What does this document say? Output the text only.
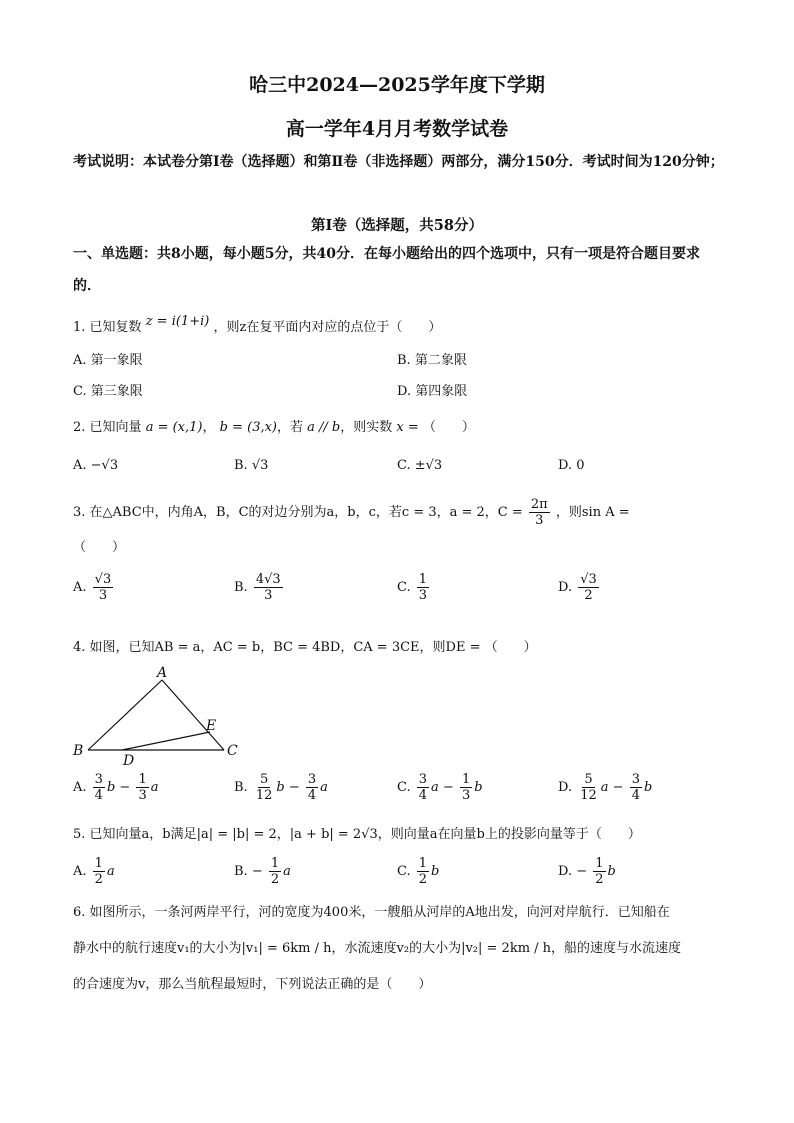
哈三中2024—2025学年度下学期
高一学年4月月考数学试卷
考试说明：本试卷分第Ⅰ卷（选择题）和第Ⅱ卷（非选择题）两部分，满分150分．考试时间为120分钟；
第Ⅰ卷（选择题，共58分）
一、单选题：共8小题，每小题5分，共40分．在每小题给出的四个选项中，只有一项是符合题目要求的．
1. 已知复数 z = i(1+i) ，则z在复平面内对应的点位于（　　）
A. 第一象限	B. 第二象限
C. 第三象限	D. 第四象限
2. 已知向量 a = (x,1)， b = (3,x)，若 a // b，则实数 x = （　　）
A. −√3	B. √3	C. ±√3	D. 0
3. 在△ABC中，内角A，B，C的对边分别为a，b，c，若c = 3，a = 2，$C = \frac{2\pi}{3}$ ，则sin A =
（　　）
A. $\frac{√3}{3}$	B. $\frac{4√3}{3}$	C. $\frac{1}{3}$	D. $\frac{√3}{2}$
4. 如图，已知AB = a，AC = b，BC = 4BD，CA = 3CE，则DE = （　　）
A
B	C
D
E
A. $\frac{3}{4}$ $b - \frac{1}{3}$ a	B. $\frac{5}{12}$ $b - \frac{3}{4}$ a	C. $\frac{3}{4}$ $a - \frac{1}{3}$ b	D. $\frac{5}{12}$ $a - \frac{3}{4}$ b
5. 已知向量a，b满足|a| = |b| = 2，|a + b| = 2√3，则向量a在向量b上的投影向量等于（　　）
A. $\frac{1}{2}$ a	B. − $\frac{1}{2}$ a	C. $\frac{1}{2}$ b	D. − $\frac{1}{2}$ b
6. 如图所示，一条河两岸平行，河的宽度为400米，一艘船从河岸的A地出发，向河对岸航行．已知船在
静水中的航行速度v₁的大小为|v₁| = 6km / h，水流速度v₂的大小为|v₂| = 2km / h，船的速度与水流速度
的合速度为v，那么当航程最短时，下列说法正确的是（　　）
